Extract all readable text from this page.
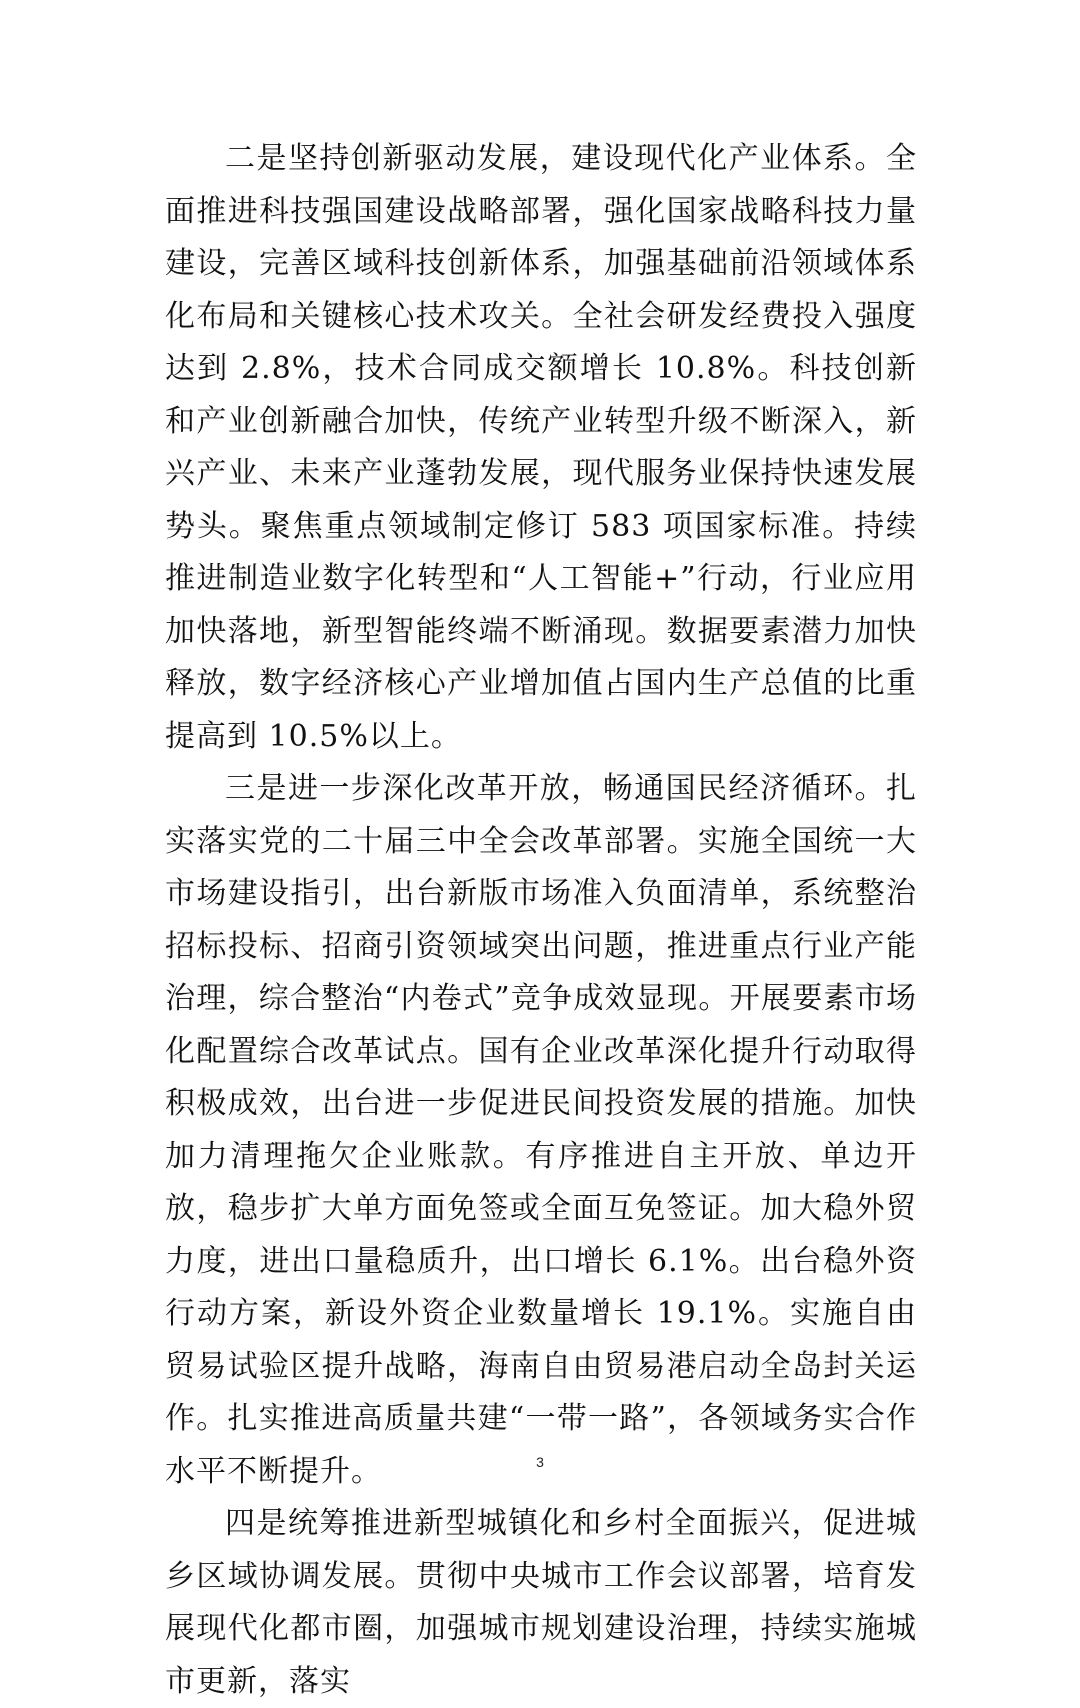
二是坚持创新驱动发展，建设现代化产业体系。全面推进科技强国建设战略部署，强化国家战略科技力量建设，完善区域科技创新体系，加强基础前沿领域体系化布局和关键核心技术攻关。全社会研发经费投入强度达到 2.8%，技术合同成交额增长 10.8%。科技创新和产业创新融合加快，传统产业转型升级不断深入，新兴产业、未来产业蓬勃发展，现代服务业保持快速发展势头。聚焦重点领域制定修订 583 项国家标准。持续推进制造业数字化转型和“人工智能+”行动，行业应用加快落地，新型智能终端不断涌现。数据要素潜力加快释放，数字经济核心产业增加值占国内生产总值的比重提高到 10.5%以上。

三是进一步深化改革开放，畅通国民经济循环。扎实落实党的二十届三中全会改革部署。实施全国统一大市场建设指引，出台新版市场准入负面清单，系统整治招标投标、招商引资领域突出问题，推进重点行业产能治理，综合整治“内卷式”竞争成效显现。开展要素市场化配置综合改革试点。国有企业改革深化提升行动取得积极成效，出台进一步促进民间投资发展的措施。加快加力清理拖欠企业账款。有序推进自主开放、单边开放，稳步扩大单方面免签或全面互免签证。加大稳外贸力度，进出口量稳质升，出口增长 6.1%。出台稳外资行动方案，新设外资企业数量增长 19.1%。实施自由贸易试验区提升战略，海南自由贸易港启动全岛封关运作。扎实推进高质量共建“一带一路”，各领域务实合作水平不断提升。

四是统筹推进新型城镇化和乡村全面振兴，促进城乡区域协调发展。贯彻中央城市工作会议部署，培育发展现代化都市圈，加强城市规划建设治理，持续实施城市更新，落实

3
